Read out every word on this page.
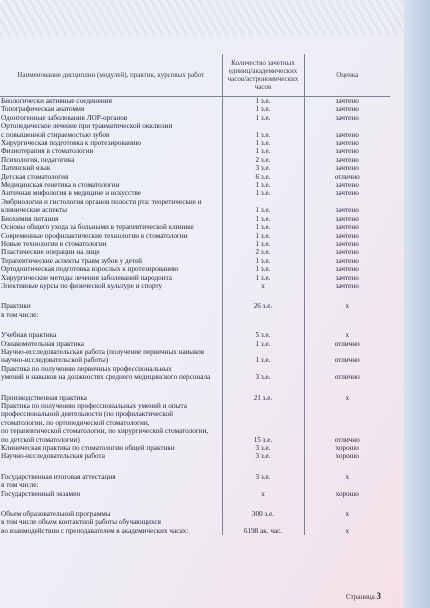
Наименование дисциплин (модулей), практик, курсовых работ	Количество зачетных единиц/академических часов/астрономических часов	Оценка
Биологически активные соединения	1 з.е.	зачтено
Топографическая анатомия	1 з.е.	зачтено
Одонтогенные заболевания ЛОР-органов	1 з.е.	зачтено
Ортопедическое лечение при травматической окклюзии		
с повышенной стираемостью зубов	1 з.е.	зачтено
Хирургическая подготовка к протезированию	1 з.е.	зачтено
Физиотерапия в стоматологии	1 з.е.	зачтено
Психология, педагогика	2 з.е.	зачтено
Латинский язык	3 з.е.	зачтено
Детская стоматология	6 з.е.	отлично
Медицинская генетика в стоматологии	1 з.е.	зачтено
Античная мифология в медицине и искусстве	1 з.е.	зачтено
Эмбриология и гистология органов полости рта: теоретические и		
клинические аспекты	1 з.е.	зачтено
Биохимия питания	1 з.е.	зачтено
Основы общего ухода за больными в терапевтической клинике	1 з.е.	зачтено
Современные профилактические технологии в стоматологии	1 з.е.	зачтено
Новые технологии в стоматологии	1 з.е.	зачтено
Пластические операции на лице	2 з.е.	зачтено
Терапевтические аспекты травм зубов у детей	1 з.е.	зачтено
Ортодонтическая подготовка взрослых к протезированию	1 з.е.	зачтено
Хирургические методы лечения заболеваний пародонта	1 з.е.	зачтено
Элективные курсы по физической культуре и спорту	x	зачтено

Практики	26 з.е.	x
в том числе:		

Учебная практика	5 з.е.	x
Ознакомительная практика	1 з.е.	отлично
Научно-исследовательская работа (получение первичных навыков		
научно-исследовательской работы)	1 з.е.	отлично
Практика по получению первичных профессиональных		
умений и навыков на должностях среднего медицинского персонала	3 з.е.	отлично

Производственная практика	21 з.е.	x
Практика по получению профессиональных умений и опыта		
профессиональной деятельности (по профилактической		
стоматологии, по ортопедической стоматологии,		
по терапевтической стоматологии, по хирургической стоматологии,		
по детской стоматологии)	15 з.е.	отлично
Клиническая практика по стоматологии общей практики	3 з.е.	хорошо
Научно-исследовательская работа	3 з.е.	хорошо

Государственная итоговая аттестация	3 з.е.	x
в том числе:		
Государственный экзамен	x	хорошо

Объем образовательной программы	300 з.е.	x
в том числе объем контактной работы обучающихся		
во взаимодействии с преподавателем в академических часах:	6198 ак. час.	x
Страница 3
